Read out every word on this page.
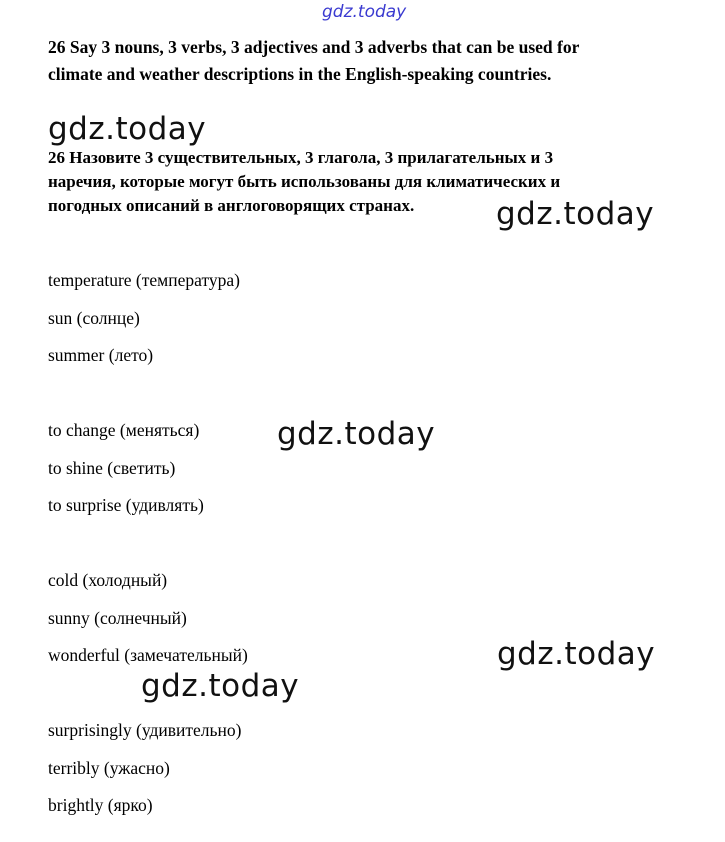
gdz.today
26 Say 3 nouns, 3 verbs, 3 adjectives and 3 adverbs that can be used for
climate and weather descriptions in the English-speaking countries.
gdz.today
26 Назовите 3 существительных, 3 глагола, 3 прилагательных и 3
наречия, которые могут быть использованы для климатических и
погодных описаний в англоговорящих странах.	gdz.today
temperature (температура)
sun (солнце)
summer (лето)
to change (меняться)	gdz.today
to shine (светить)
to surprise (удивлять)
cold (холодный)
sunny (солнечный)
wonderful (замечательный)	gdz.today
gdz.today
surprisingly (удивительно)
terribly (ужасно)
brightly (ярко)
